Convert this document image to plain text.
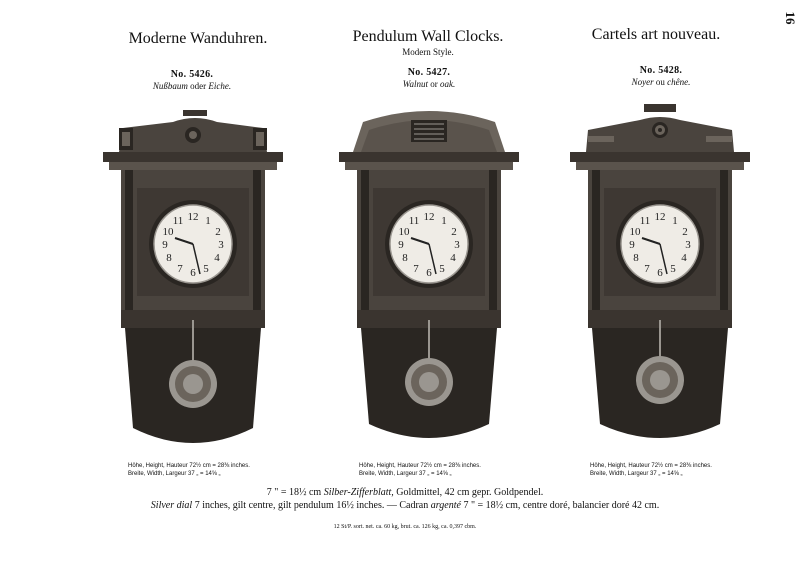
16
Moderne Wanduhren.	Pendulum Wall Clocks.
Modern Style.
Cartels art nouveau.
No. 5426.
Nußbaum oder Eiche.
No. 5427.
Walnut or oak.
No. 5428.
Noyer ou chêne.
12 1
2
3
4
5
6
7
8
9
10
11	12 1
2
3
4
5
6
7
8
9
10
11	12 1
2
3
4
5
6
7
8
9
10
11
Höhe, Height, Hauteur 72½ cm = 28⅜ inches.
Breite, Width, Largeur 37 „ = 14⅝ „
Höhe, Height, Hauteur 72½ cm = 28⅜ inches.
Breite, Width, Largeur 37 „ = 14⅝ „
Höhe, Height, Hauteur 72½ cm = 28⅜ inches.
Breite, Width, Largeur 37 „ = 14⅝ „
7 " = 18½ cm Silber-Zifferblatt, Goldmittel, 42 cm gepr. Goldpendel.
Silver dial 7 inches, gilt centre, gilt pendulum 16½ inches. — Cadran argenté 7 " = 18½ cm, centre doré, balancier doré 42 cm.
12 St/P. sort. net. ca. 60 kg, brut. ca. 126 kg, ca. 0,397 cbm.
